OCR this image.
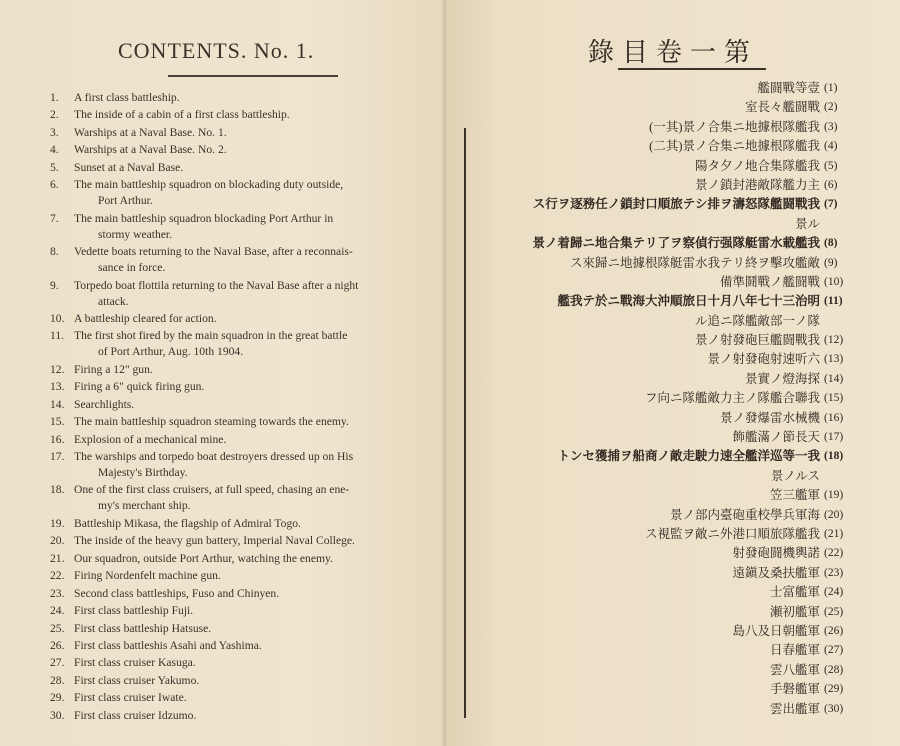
CONTENTS. No. 1.
1. A first class battleship.
2. The inside of a cabin of a first class battleship.
3. Warships at a Naval Base. No. 1.
4. Warships at a Naval Base. No. 2.
5. Sunset at a Naval Base.
6. The main battleship squadron on blockading duty outside,
Port Arthur.
7. The main battleship squadron blockading Port Arthur in
stormy weather.
8. Vedette boats returning to the Naval Base, after a reconnais-
sance in force.
9. Torpedo boat flottila returning to the Naval Base after a night
attack.
10. A battleship cleared for action.
11. The first shot fired by the main squadron in the great battle
of Port Arthur, Aug. 10th 1904.
12. Firing a 12" gun.
13. Firing a 6" quick firing gun.
14. Searchlights.
15. The main battleship squadron steaming towards the enemy.
16. Explosion of a mechanical mine.
17. The warships and torpedo boat destroyers dressed up on His
Majesty's Birthday.
18. One of the first class cruisers, at full speed, chasing an ene-
my's merchant ship.
19. Battleship Mikasa, the flagship of Admiral Togo.
20. The inside of the heavy gun battery, Imperial Naval College.
21. Our squadron, outside Port Arthur, watching the enemy.
22. Firing Nordenfelt machine gun.
23. Second class battleships, Fuso and Chinyen.
24. First class battleship Fuji.
25. First class battleship Hatsuse.
26. First class battleshis Asahi and Yashima.
27. First class cruiser Kasuga.
28. First class cruiser Yakumo.
29. First class cruiser Iwate.
30. First class cruiser Idzumo.
錄目卷一第
艦闘戰等壹 (1)
室長々艦闘戰 (2)
(一其)景ノ合集ニ地據根隊艦我 (3)
(二其)景ノ合集ニ地據根隊艦我 (4)
陽タ夕ノ地合集隊艦我 (5)
景ノ鎖封港敵隊艦力主 (6)
ス行ヲ逐務任ノ鎖封口順旅テシ排ヲ濤怒隊艦闘戰我 (7)
景ル
景ノ着歸ニ地合集テリ了ヲ察偵行强隊艇雷水載艦我 (8)
ス來歸ニ地據根隊艇雷水我テリ終ヲ擊攻艦敵 (9)
備準鬪戰ノ艦闘戰 (10)
艦我テ於ニ戰海大沖順旅日十月八年七十三治明 (11)
ル追ニ隊艦敵部一ノ隊
景ノ射發砲巨艦闘戰我 (12)
景ノ射發砲射速听六 (13)
景實ノ燈海探 (14)
フ向ニ隊艦敵力主ノ隊艦合聯我 (15)
景ノ發爆雷水械機 (16)
飾艦滿ノ節長天 (17)
トンセ獲捕ヲ船商ノ敵走駛力速全艦洋巡等一我 (18)
景ノルス
笠三艦軍 (19)
景ノ部内臺砲重校學兵軍海 (20)
ス視監ヲ敵ニ外港口順旅隊艦我 (21)
射發砲闘機輿諾 (22)
遠鎭及桑扶艦軍 (23)
士富艦軍 (24)
瀬初艦軍 (25)
島八及日朝艦軍 (26)
日春艦軍 (27)
雲八艦軍 (28)
手磐艦軍 (29)
雲出艦軍 (30)
